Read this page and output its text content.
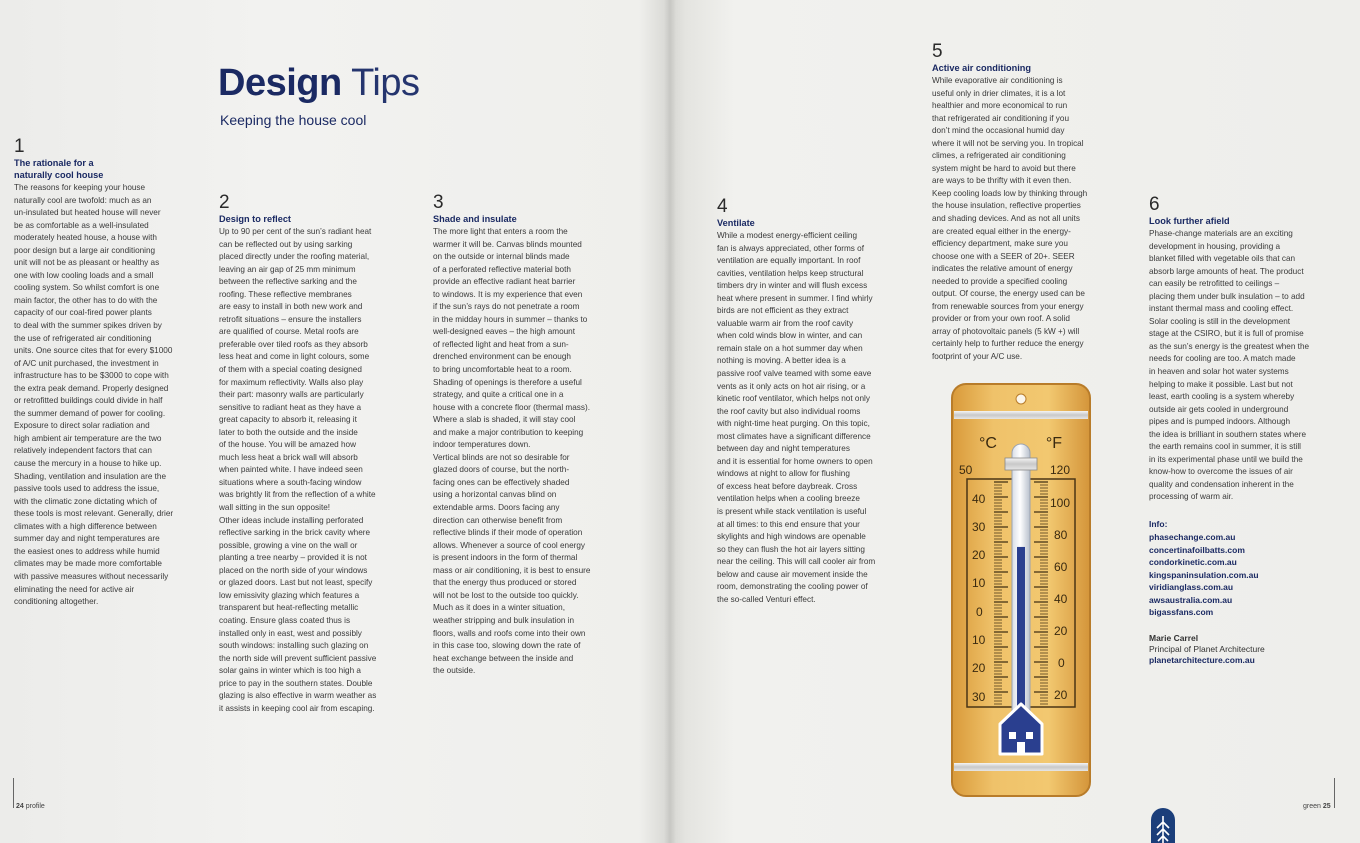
Design Tips
Keeping the house cool
1
The rationale for a
naturally cool house
The reasons for keeping your house
naturally cool are twofold: much as an
un-insulated but heated house will never
be as comfortable as a well-insulated
moderately heated house, a house with
poor design but a large air conditioning
unit will not be as pleasant or healthy as
one with low cooling loads and a small
cooling system. So whilst comfort is one
main factor, the other has to do with the
capacity of our coal-fired power plants
to deal with the summer spikes driven by
the use of refrigerated air conditioning
units. One source cites that for every $1000
of A/C unit purchased, the investment in
infrastructure has to be $3000 to cope with
the extra peak demand. Properly designed
or retrofitted buildings could divide in half
the summer demand of power for cooling.
Exposure to direct solar radiation and
high ambient air temperature are the two
relatively independent factors that can
cause the mercury in a house to hike up.
Shading, ventilation and insulation are the
passive tools used to address the issue,
with the climatic zone dictating which of
these tools is most relevant. Generally, drier
climates with a high difference between
summer day and night temperatures are
the easiest ones to address while humid
climates may be made more comfortable
with passive measures without necessarily
eliminating the need for active air
conditioning altogether.
2
Design to reflect
Up to 90 per cent of the sun’s radiant heat
can be reflected out by using sarking
placed directly under the roofing material,
leaving an air gap of 25 mm minimum
between the reflective sarking and the
roofing. These reflective membranes
are easy to install in both new work and
retrofit situations – ensure the installers
are qualified of course. Metal roofs are
preferable over tiled roofs as they absorb
less heat and come in light colours, some
of them with a special coating designed
for maximum reflectivity. Walls also play
their part: masonry walls are particularly
sensitive to radiant heat as they have a
great capacity to absorb it, releasing it
later to both the outside and the inside
of the house. You will be amazed how
much less heat a brick wall will absorb
when painted white. I have indeed seen
situations where a south-facing window
was brightly lit from the reflection of a white
wall sitting in the sun opposite!
Other ideas include installing perforated
reflective sarking in the brick cavity where
possible, growing a vine on the wall or
planting a tree nearby – provided it is not
placed on the north side of your windows
or glazed doors. Last but not least, specify
low emissivity glazing which features a
transparent but heat-reflecting metallic
coating. Ensure glass coated thus is
installed only in east, west and possibly
south windows: installing such glazing on
the north side will prevent sufficient passive
solar gains in winter which is too high a
price to pay in the southern states. Double
glazing is also effective in warm weather as
it assists in keeping cool air from escaping.
3
Shade and insulate
The more light that enters a room the
warmer it will be. Canvas blinds mounted
on the outside or internal blinds made
of a perforated reflective material both
provide an effective radiant heat barrier
to windows. It is my experience that even
if the sun’s rays do not penetrate a room
in the midday hours in summer – thanks to
well-designed eaves – the high amount
of reflected light and heat from a sun-
drenched environment can be enough
to bring uncomfortable heat to a room.
Shading of openings is therefore a useful
strategy, and quite a critical one in a
house with a concrete floor (thermal mass).
Where a slab is shaded, it will stay cool
and make a major contribution to keeping
indoor temperatures down.
Vertical blinds are not so desirable for
glazed doors of course, but the north-
facing ones can be effectively shaded
using a horizontal canvas blind on
extendable arms. Doors facing any
direction can otherwise benefit from
reflective blinds if their mode of operation
allows. Whenever a source of cool energy
is present indoors in the form of thermal
mass or air conditioning, it is best to ensure
that the energy thus produced or stored
will not be lost to the outside too quickly.
Much as it does in a winter situation,
weather stripping and bulk insulation in
floors, walls and roofs come into their own
in this case too, slowing down the rate of
heat exchange between the inside and
the outside.
4
Ventilate
While a modest energy-efficient ceiling
fan is always appreciated, other forms of
ventilation are equally important. In roof
cavities, ventilation helps keep structural
timbers dry in winter and will flush excess
heat where present in summer. I find whirly
birds are not efficient as they extract
valuable warm air from the roof cavity
when cold winds blow in winter, and can
remain stale on a hot summer day when
nothing is moving. A better idea is a
passive roof valve teamed with some eave
vents as it only acts on hot air rising, or a
kinetic roof ventilator, which helps not only
the roof cavity but also individual rooms
with night-time heat purging. On this topic,
most climates have a significant difference
between day and night temperatures
and it is essential for home owners to open
windows at night to allow for flushing
of excess heat before daybreak. Cross
ventilation helps when a cooling breeze
is present while stack ventilation is useful
at all times: to this end ensure that your
skylights and high windows are openable
so they can flush the hot air layers sitting
near the ceiling. This will call cooler air from
below and cause air movement inside the
room, demonstrating the cooling power of
the so-called Venturi effect.
5
Active air conditioning
While evaporative air conditioning is
useful only in drier climates, it is a lot
healthier and more economical to run
that refrigerated air conditioning if you
don’t mind the occasional humid day
where it will not be serving you. In tropical
climes, a refrigerated air conditioning
system might be hard to avoid but there
are ways to be thrifty with it even then.
Keep cooling loads low by thinking through
the house insulation, reflective properties
and shading devices. And as not all units
are created equal either in the energy-
efficiency department, make sure you
choose one with a SEER of 20+. SEER
indicates the relative amount of energy
needed to provide a specified cooling
output. Of course, the energy used can be
from renewable sources from your energy
provider or from your own roof. A solid
array of photovoltaic panels (5 kW +) will
certainly help to further reduce the energy
footprint of your A/C use.
6
Look further afield
Phase-change materials are an exciting
development in housing, providing a
blanket filled with vegetable oils that can
absorb large amounts of heat. The product
can easily be retrofitted to ceilings –
placing them under bulk insulation – to add
instant thermal mass and cooling effect.
Solar cooling is still in the development
stage at the CSIRO, but it is full of promise
as the sun’s energy is the greatest when the
needs for cooling are too. A match made
in heaven and solar hot water systems
helping to make it possible. Last but not
least, earth cooling is a system whereby
outside air gets cooled in underground
pipes and is pumped indoors. Although
the idea is brilliant in southern states where
the earth remains cool in summer, it is still
in its experimental phase until we build the
know-how to overcome the issues of air
quality and condensation inherent in the
processing of warm air.
Info:
phasechange.com.au
concertinafoilbatts.com
condorkinetic.com.au
kingspaninsulation.com.au
viridianglass.com.au
awsaustralia.com.au
bigassfans.com
Marie Carrel
Principal of Planet Architecture
planetarchitecture.com.au
°C	°F
50
40
30
20
10
0
10
20
30
120
100
80
60
40
20
0
20
24 profile	green 25
